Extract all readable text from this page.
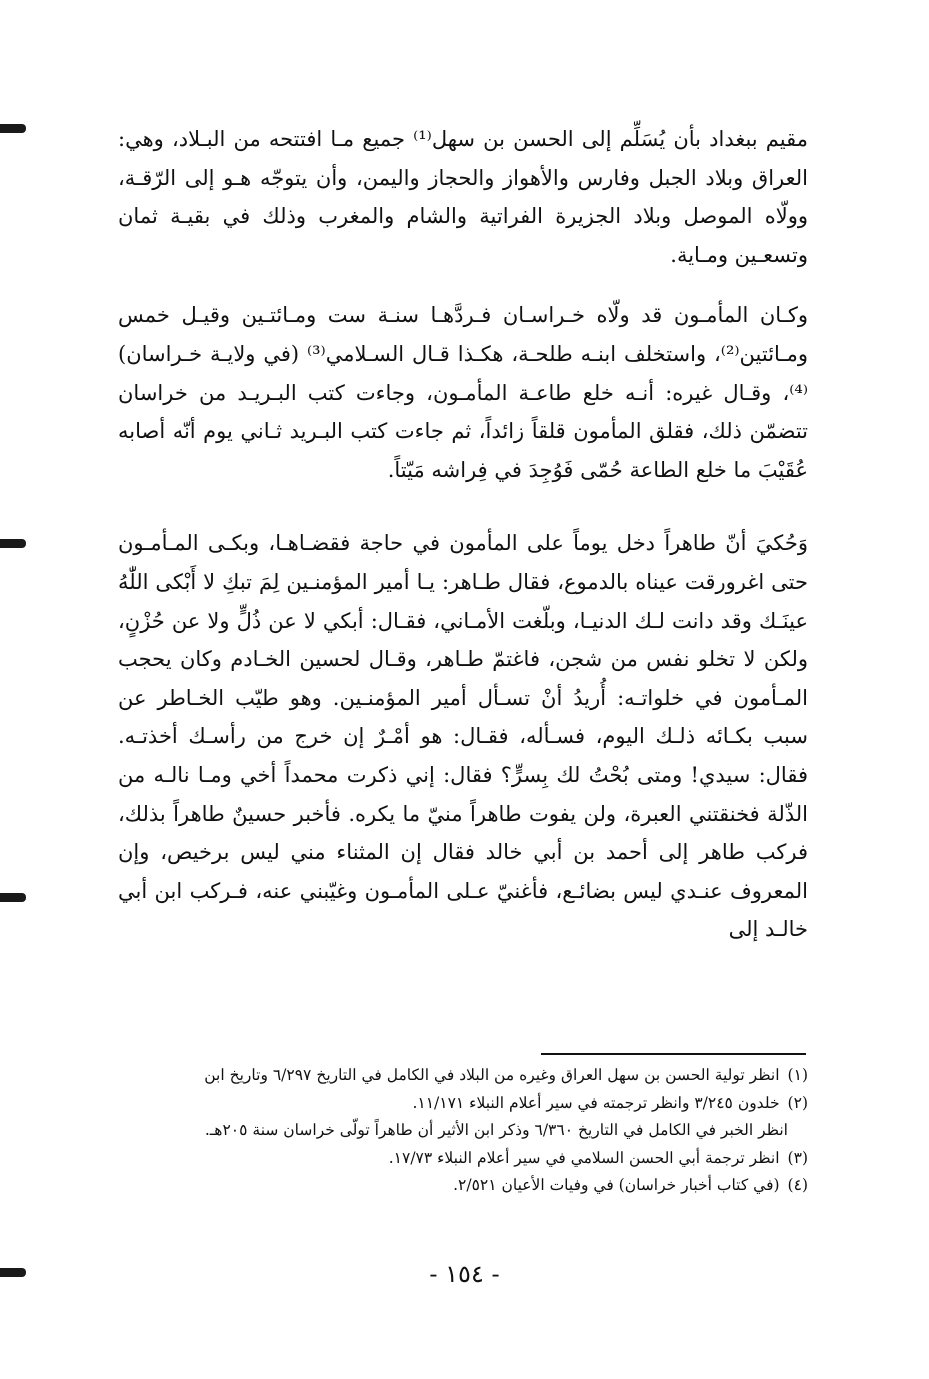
مقيم ببغداد بأن يُسَلِّم إلى الحسن بن سهل⁽¹⁾ جميع مـا افتتحه من البـلاد، وهي: العراق وبلاد الجبل وفارس والأهواز والحجاز واليمن، وأن يتوجّه هـو إلى الرّقـة، وولّاه الموصل وبلاد الجزيرة الفراتية والشام والمغرب وذلك في بقيـة ثمان وتسعـين ومـاية.

وكـان المأمـون قد ولّاه خـراسـان فـردَّهـا سنـة ست ومـائتـين وقيـل خمس ومـائتين⁽²⁾، واستخلف ابنـه طلحـة، هكـذا قـال السـلامي⁽³⁾ (في ولايـة خـراسان)⁽⁴⁾، وقـال غيره: أنـه خلع طاعـة المأمـون، وجاءت كتب البـريـد من خراسان تتضمّن ذلك، فقلق المأمون قلقاً زائداً، ثم جاءت كتب البـريد ثـاني يوم أنّه أصابه عُقَيْبَ ما خلع الطاعة حُمّى فَوُجِدَ في فِراشه مَيّتاً.

وَحُكيَ أنّ طاهراً دخل يوماً على المأمون في حاجة فقضـاهـا، وبكـى المـأمـون حتى اغرورقت عيناه بالدموع، فقال طـاهر: يـا أمير المؤمنـين لِمَ تبكِ لا أَبْكى اللّٰهُ عينَـك وقد دانت لـك الدنيـا، وبلّغت الأمـاني، فقـال: أبكي لا عن ذُلٍّ ولا عن حُزْنٍ، ولكن لا تخلو نفس من شجن، فاغتمّ طـاهر، وقـال لحسين الخـادم وكان يحجب المـأمون في خلواتـه: أُريدُ أنْ تسـأل أمير المؤمنـين. وهو طيّب الخـاطر عن سبب بكـائه ذلـك اليوم، فسـأله، فقـال: هو أمْـرٌ إن خرج من رأسـك أخذتـه. فقال: سيدي! ومتى بُحْتُ لك بِسرٍّ؟ فقال: إني ذكرت محمداً أخي ومـا نالـه من الذّلة فخنقتني العبرة، ولن يفوت طاهراً منيّ ما يكره. فأخبر حسينٌ طاهراً بذلك، فركب طاهر إلى أحمد بن أبي خالد فقال إن المثناء مني ليس برخيص، وإن المعروف عنـدي ليس بضائـع، فأغنيّ عـلى المأمـون وغيّبني عنه، فـركب ابن أبي خالـد إلى

(١)
انظر تولية الحسن بن سهل العراق وغيره من البلاد في الكامل في التاريخ ٦/٢٩٧ وتاريخ ابن
(٢)
خلدون ٣/٢٤٥ وانظر ترجمته في سير أعلام النبلاء ١١/١٧١.
انظر الخبر في الكامل في التاريخ ٦/٣٦٠ وذكر ابن الأثير أن طاهراً تولّى خراسان سنة ٢٠٥هـ.
(٣)
انظر ترجمة أبي الحسن السلامي في سير أعلام النبلاء ١٧/٧٣.
(٤)
(في كتاب أخبار خراسان) في وفيات الأعيان ٢/٥٢١.
- ١٥٤ -
